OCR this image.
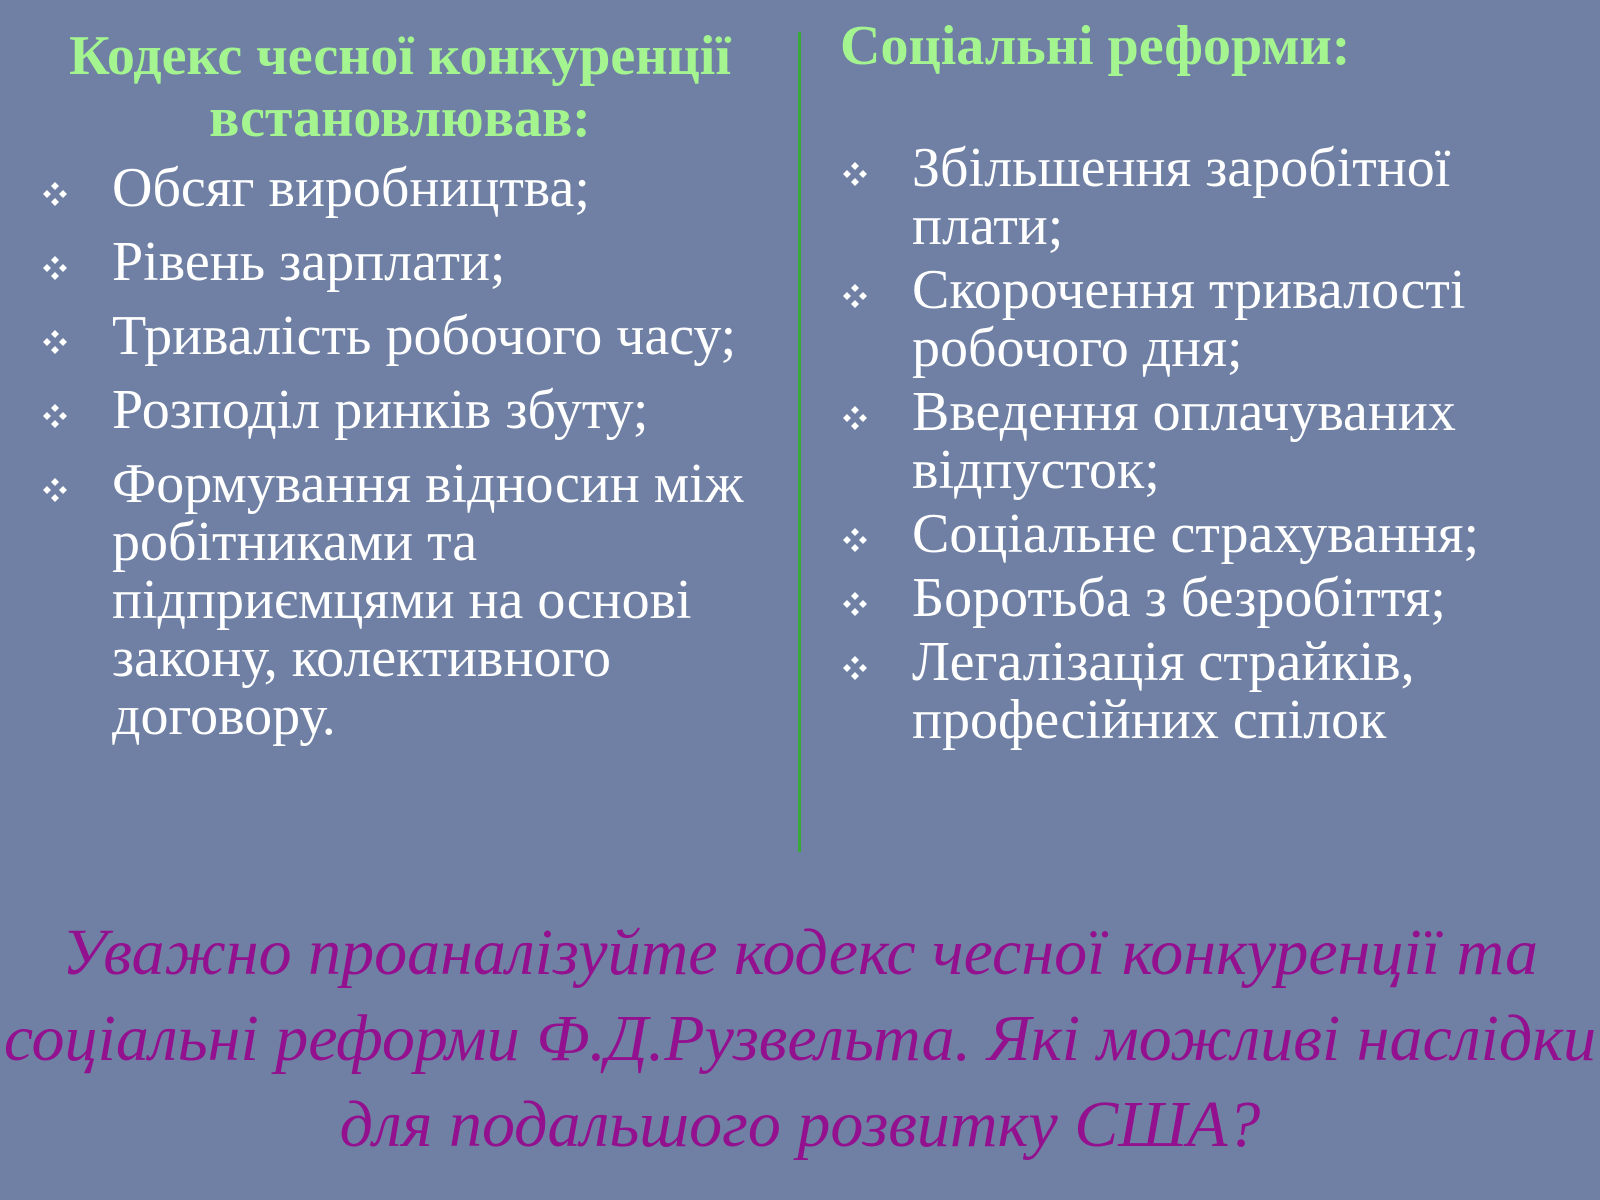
Кодекс чесної конкуренції встановлював:
Обсяг виробництва;
Рівень зарплати;
Тривалість робочого часу;
Розподіл ринків збуту;
Формування відносин між робітниками та підприємцями на основі закону, колективного договору.
Соціальні реформи:
Збільшення заробітної плати;
Скорочення тривалості робочого дня;
Введення оплачуваних відпусток;
Соціальне страхування;
Боротьба з безробіття;
Легалізація страйків, професійних спілок
Уважно проаналізуйте кодекс чесної конкуренції та соціальні реформи Ф.Д.Рузвельта. Які можливі наслідки для подальшого розвитку США?
